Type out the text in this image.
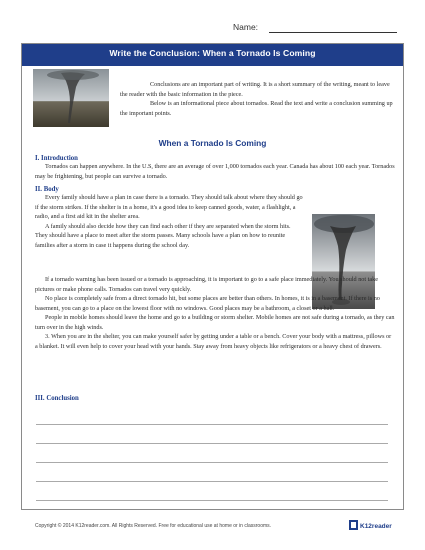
Name:
Write the Conclusion: When a Tornado Is Coming

Conclusions are an important part of writing. It is a short summary of the writing, meant to leave the reader with the basic information in the piece.

Below is an informational piece about tornados. Read the text and write a conclusion summing up the important points.

When a Tornado Is Coming

I. Introduction

Tornados can happen anywhere. In the U.S, there are an average of over 1,000 tornados each year. Canada has about 100 each year. Tornados may be frightening, but people can survive a tornado.

II. Body

Every family should have a plan in case there is a tornado. They should talk about where they should go if the storm strikes. If the shelter is in a home, it's a good idea to keep canned goods, water, a flashlight, a radio, and a first aid kit in the shelter area.

A family should also decide how they can find each other if they are separated when the storm hits. They should have a place to meet after the storm passes. Many schools have a plan on how to reunite families after a storm in case it happens during the school day.

If a tornado warning has been issued or a tornado is approaching, it is important to go to a safe place immediately. You should not take pictures or make phone calls. Tornados can travel very quickly.

No place is completely safe from a direct tornado hit, but some places are better than others. In homes, it is in a basement. If there is no basement, you can go to a place on the lowest floor with no windows. Good places may be a bathroom, a closet or a hall.

People in mobile homes should leave the home and go to a building or storm shelter. Mobile homes are not safe during a tornado, as they can turn over in the high winds.

3. When you are in the shelter, you can make yourself safer by getting under a table or a bench. Cover your body with a mattress, pillows or a blanket. It will even help to cover your head with your hands. Stay away from heavy objects like refrigerators or a heavy chest of drawers.

III. Conclusion

Copyright © 2014 K12reader.com. All Rights Reserved. Free for educational use at home or in classrooms.	K12reader
